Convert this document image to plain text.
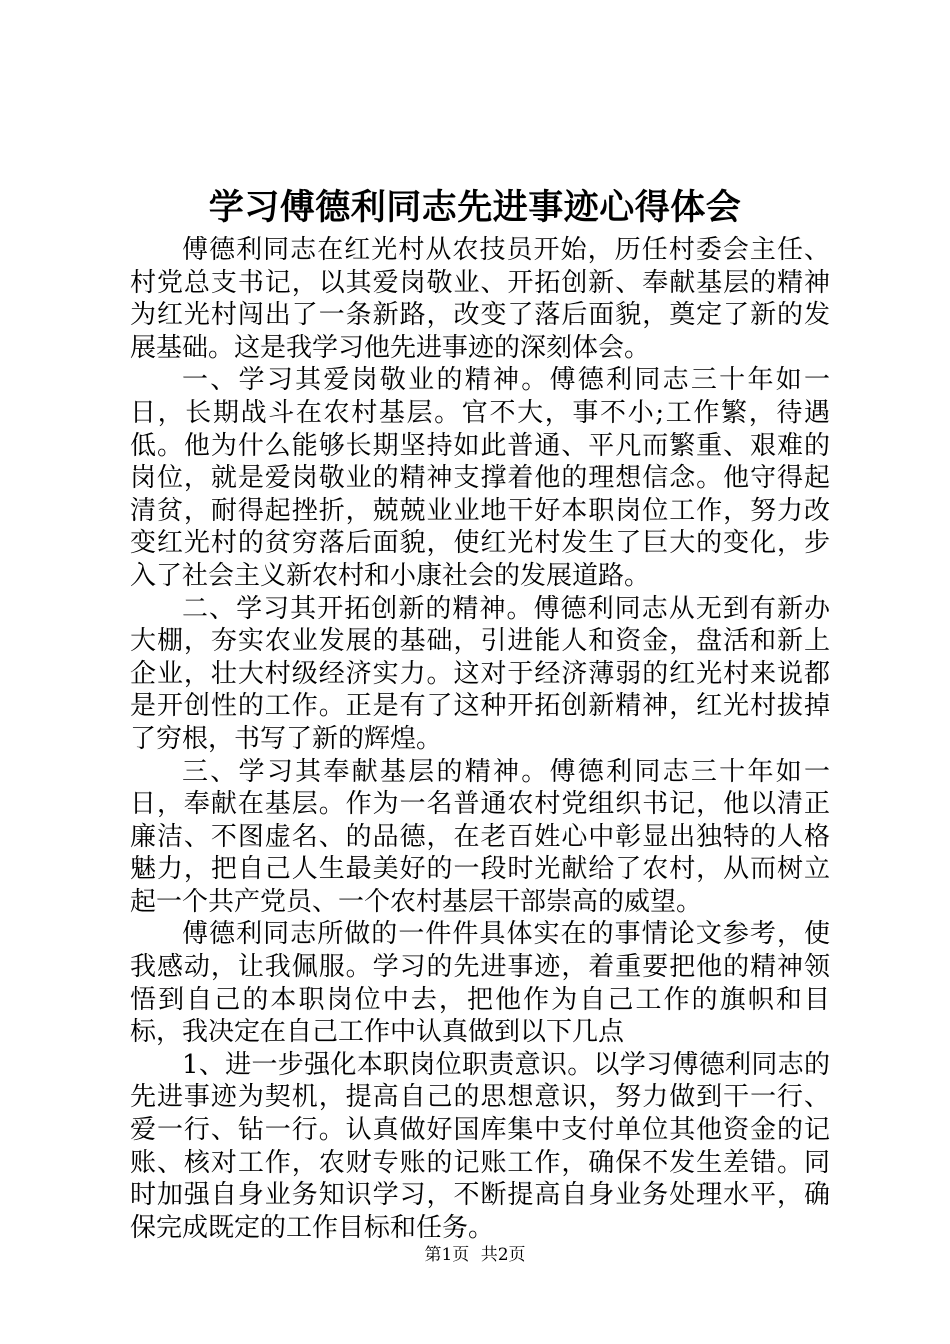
学习傅德利同志先进事迹心得体会

傅德利同志在红光村从农技员开始，历任村委会主任、村党总支书记，以其爱岗敬业、开拓创新、奉献基层的精神为红光村闯出了一条新路，改变了落后面貌，奠定了新的发展基础。这是我学习他先进事迹的深刻体会。

一、学习其爱岗敬业的精神。傅德利同志三十年如一日，长期战斗在农村基层。官不大，事不小;工作繁，待遇低。他为什么能够长期坚持如此普通、平凡而繁重、艰难的岗位，就是爱岗敬业的精神支撑着他的理想信念。他守得起清贫，耐得起挫折，兢兢业业地干好本职岗位工作，努力改变红光村的贫穷落后面貌，使红光村发生了巨大的变化，步入了社会主义新农村和小康社会的发展道路。

二、学习其开拓创新的精神。傅德利同志从无到有新办大棚，夯实农业发展的基础，引进能人和资金，盘活和新上企业，壮大村级经济实力。这对于经济薄弱的红光村来说都是开创性的工作。正是有了这种开拓创新精神，红光村拔掉了穷根，书写了新的辉煌。

三、学习其奉献基层的精神。傅德利同志三十年如一日，奉献在基层。作为一名普通农村党组织书记，他以清正廉洁、不图虚名、的品德，在老百姓心中彰显出独特的人格魅力，把自己人生最美好的一段时光献给了农村，从而树立起一个共产党员、一个农村基层干部崇高的威望。

傅德利同志所做的一件件具体实在的事情论文参考，使我感动，让我佩服。学习的先进事迹，着重要把他的精神领悟到自己的本职岗位中去，把他作为自己工作的旗帜和目标，我决定在自己工作中认真做到以下几点

1、进一步强化本职岗位职责意识。以学习傅德利同志的先进事迹为契机，提高自己的思想意识，努力做到干一行、爱一行、钻一行。认真做好国库集中支付单位其他资金的记账、核对工作，农财专账的记账工作，确保不发生差错。同时加强自身业务知识学习，不断提高自身业务处理水平，确保完成既定的工作目标和任务。

第1页 共2页
